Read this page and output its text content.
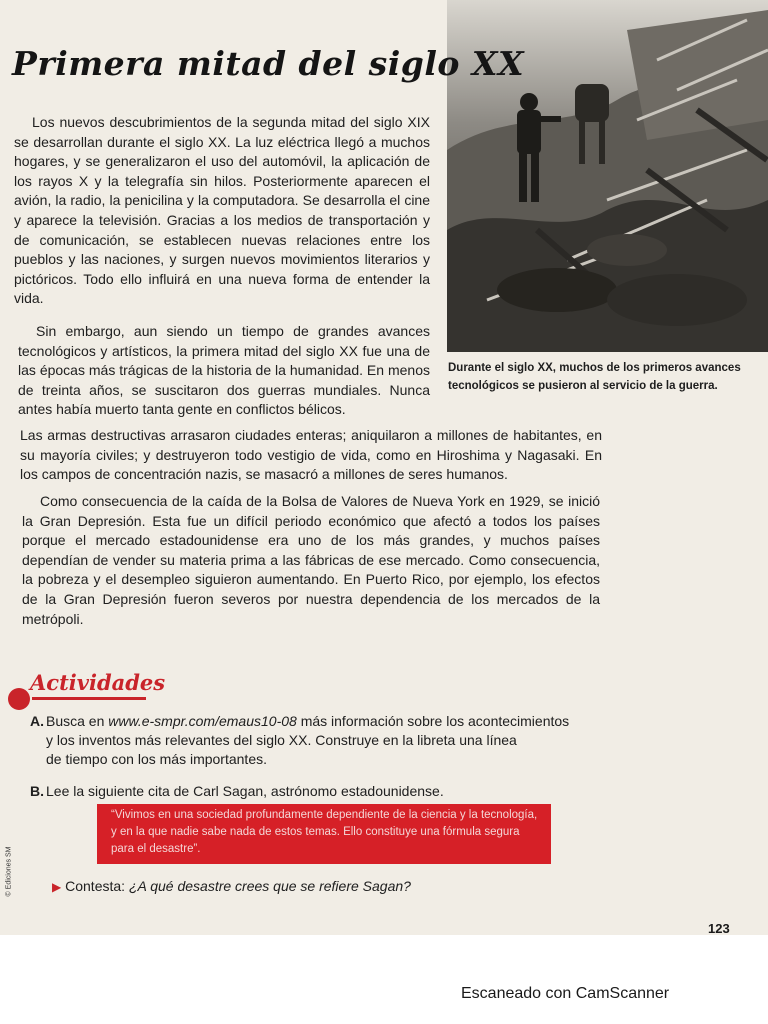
Durante el siglo XX, muchos de los primeros avances tecnológicos se pusieron al servicio de la guerra.
Primera mitad del siglo XX

Los nuevos descubrimientos de la segunda mitad del siglo XIX se desarrollan durante el siglo XX. La luz eléctrica llegó a muchos hogares, y se generalizaron el uso del automóvil, la aplicación de los rayos X y la telegrafía sin hilos. Posteriormente aparecen el avión, la radio, la penicilina y la computadora. Se desarrolla el cine y aparece la televisión. Gracias a los medios de transportación y de comunicación, se establecen nuevas relaciones entre los pueblos y las naciones, y surgen nuevos movimientos literarios y pictóricos. Todo ello influirá en una nueva forma de entender la vida.

Sin embargo, aun siendo un tiempo de grandes avances tecnológicos y artísticos, la primera mitad del siglo XX fue una de las épocas más trágicas de la historia de la humanidad. En menos de treinta años, se suscitaron dos guerras mundiales. Nunca antes había muerto tanta gente en conflictos bélicos.

Las armas destructivas arrasaron ciudades enteras; aniquilaron a millones de habitantes, en su mayoría civiles; y destruyeron todo vestigio de vida, como en Hiroshima y Nagasaki. En los campos de concentración nazis, se masacró a millones de seres humanos.

Como consecuencia de la caída de la Bolsa de Valores de Nueva York en 1929, se inició la Gran Depresión. Esta fue un difícil periodo económico que afectó a todos los países porque el mercado estadounidense era uno de los más grandes, y muchos países dependían de vender su materia prima a las fábricas de ese mercado. Como consecuencia, la pobreza y el desempleo siguieron aumentando. En Puerto Rico, por ejemplo, los efectos de la Gran Depresión fueron severos por nuestra dependencia de los mercados de la metrópoli.

Actividades
A. Busca en www.e-smpr.com/emaus10-08 más información sobre los acontecimientos
y los inventos más relevantes del siglo XX. Construye en la libreta una línea
de tiempo con los más importantes.
B. Lee la siguiente cita de Carl Sagan, astrónomo estadounidense.

“Vivimos en una sociedad profundamente dependiente de la ciencia y la tecnología, y en la que nadie sabe nada de estos temas. Ello constituye una fórmula segura para el desastre”.

▶ Contesta: ¿A qué desastre crees que se refiere Sagan?
© Ediciones SM
123
Escaneado con CamScanner
